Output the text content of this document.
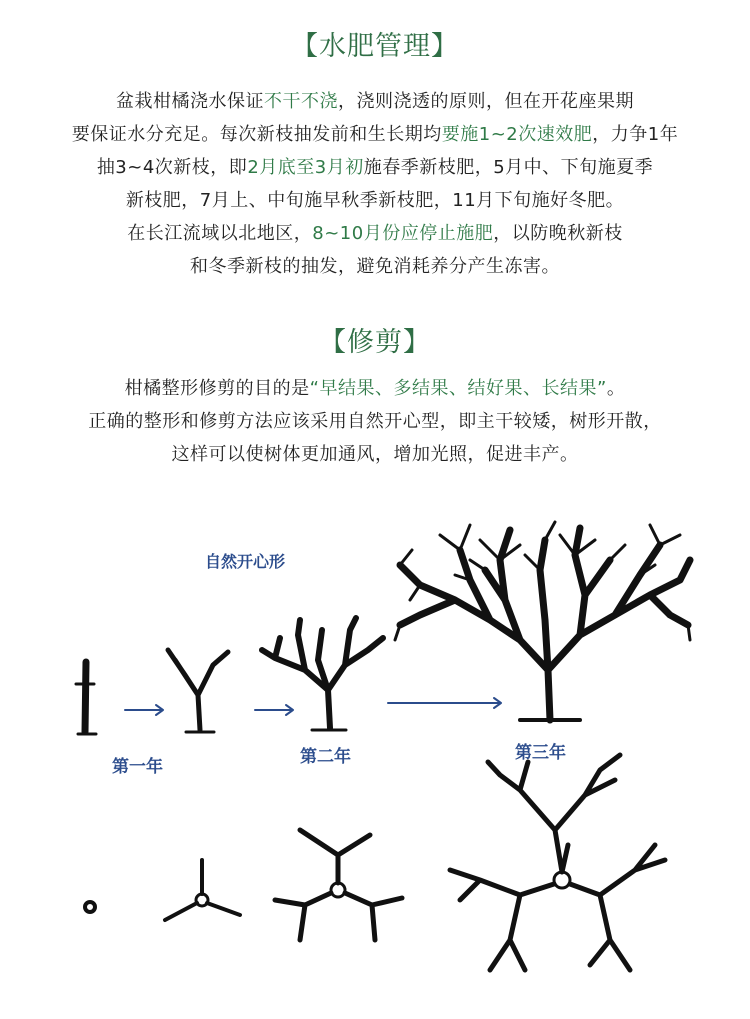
【水肥管理】
盆栽柑橘浇水保证不干不浇，浇则浇透的原则，但在开花座果期
要保证水分充足。每次新枝抽发前和生长期均要施1~2次速效肥，力争1年
抽3~4次新枝，即2月底至3月初施春季新枝肥，5月中、下旬施夏季
新枝肥，7月上、中旬施早秋季新枝肥，11月下旬施好冬肥。
在长江流域以北地区，8~10月份应停止施肥，以防晚秋新枝
和冬季新枝的抽发，避免消耗养分产生冻害。
【修剪】
柑橘整形修剪的目的是“早结果、多结果、结好果、长结果”。
正确的整形和修剪方法应该采用自然开心型，即主干较矮，树形开散，
这样可以使树体更加通风，增加光照，促进丰产。
自然开心形
第一年	第二年	第三年
